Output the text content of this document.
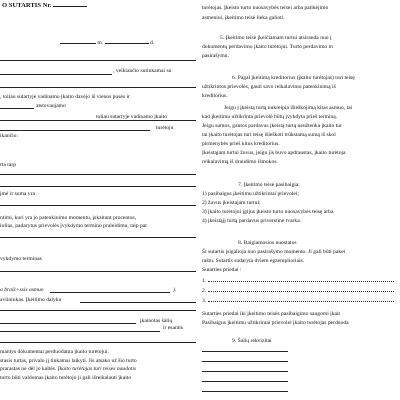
O SUTARTIS Nr.
m.	d.
, veikiančio sutinkamai su
, toliau sutartyje vadinamo įkaito davėjo iš vienos pusės ir
atstovaujamo
toliau sutartyje vadinamo įkaito
turėtoju
ikančio:
rta tarp
įmė ir suma yra
ntimi, kuri yra jo patenkinimo momentu, įskaitant procentus,
iolius, padarytus prievolės įvykdymo termino praleidimu, taip pat
vykdymo terminas
a braiż+ssis asmuo	).
aviininkas. Įkeitimo dalyku
įkainotas šalių
ir esantis
mantys dokumentai perduodama įkaito turėtojui.
stasis turtas, privalo jį tinkamai laikyti. Jis atsako už šio turto
prarastas ne dėl jo kaltės. Įkaito turėtojas turi teises naudotis
turto būti valdomas įkaito turėtojo ji gali išreikalauti įkaito
turėtojas. Įkeisto turto nuosavybės teisei arba patikėjimo
asmeniui, įkeitimo teisė lieka galioti.
5. Įkeitimo teisė įkeičiamam turtui atsiranda nuo į
dokumentų perdavimo įkaito turėtojui. Turto perdavimo m
pasirašymu.
6. Pagal įkeitimą kreditorius (įkaito turėtojas) turi teisę
užtikrintos prievolės, gauti savo reikalavimo patenkinimą iš
kreditorius.
Jeigu į įkeistą turtą nukreipia išieškojimą kitas asmuo, tai
kad įkeitimu užtikrinta prievolė būtų įvykdyta prieš terminą.
Jeigu sumos, gautos pardavus įkeistą turtą neužtenka įkaito tur
tai įkaito turėtojas turi teisę išieškoti trūkstamą sumą iš skol
pirmenybės prieš kitus kreditorius.
Įkeistąjam turtui žuvus, jeigu jis buvo apdraustas, įkaito turėtoja
reikalavimą iš draudimo išmokos.
7. Įkeitimo teisė pasibaigia:
1) pasibaigus įkeitimu užtikrintai prievolei;
2) žuvus įkeistajam turtui;
3) įkaito turėtojui įgijus įkeisto turto nuosavybės teisę arba
4) įkeistąjį turtą pardavus priverstine tvarka.
8. Baigiamosios nuostatos
Ši sutartis įsigalioja nuo pasirašymo momento. Ji gali būti pakei
raštu. Sutartis sudaryta dviem egzemplioriais.
Sutarties priedai :
1.
2.
3.
Sutarties priedai iki įkeitimo teisės pasibaigimo saugomi įkait
Pasibaigus įkeitimu užtikrintai prievolei įkaito turėtojas perduoda
9. Šalių rekvizitai
